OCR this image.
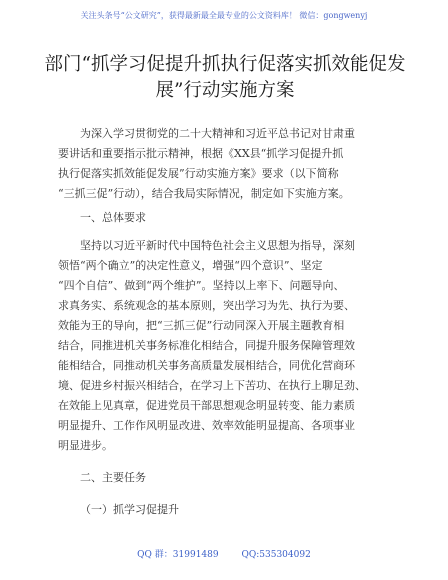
关注头条号“公文研究”，获得最新最全最专业的公文资料库！ 微信：gongwenyj
部门“抓学习促提升抓执行促落实抓效能促发
展”行动实施方案
为深入学习贯彻党的二十大精神和习近平总书记对甘肃重
要讲话和重要指示批示精神，根据《XX县“抓学习促提升抓
执行促落实抓效能促发展”行动实施方案》要求（以下简称
“三抓三促”行动），结合我局实际情况，制定如下实施方案。
一、总体要求
坚持以习近平新时代中国特色社会主义思想为指导，深刻
领悟“两个确立”的决定性意义，增强“四个意识”、坚定
“四个自信”、做到“两个维护”。坚持以上率下、问题导向、
求真务实、系统观念的基本原则，突出学习为先、执行为要、
效能为王的导向，把“三抓三促”行动同深入开展主题教育相
结合，同推进机关事务标准化相结合，同提升服务保障管理效
能相结合，同推动机关事务高质量发展相结合，同优化营商环
境、促进乡村振兴相结合，在学习上下苦功、在执行上聊足劲、
在效能上见真章，促进党员干部思想观念明显转变、能力素质
明显提升、工作作风明显改进、效率效能明显提高、各项事业
明显进步。
二、主要任务
（一）抓学习促提升
QQ 群：31991489	QQ:535304092
